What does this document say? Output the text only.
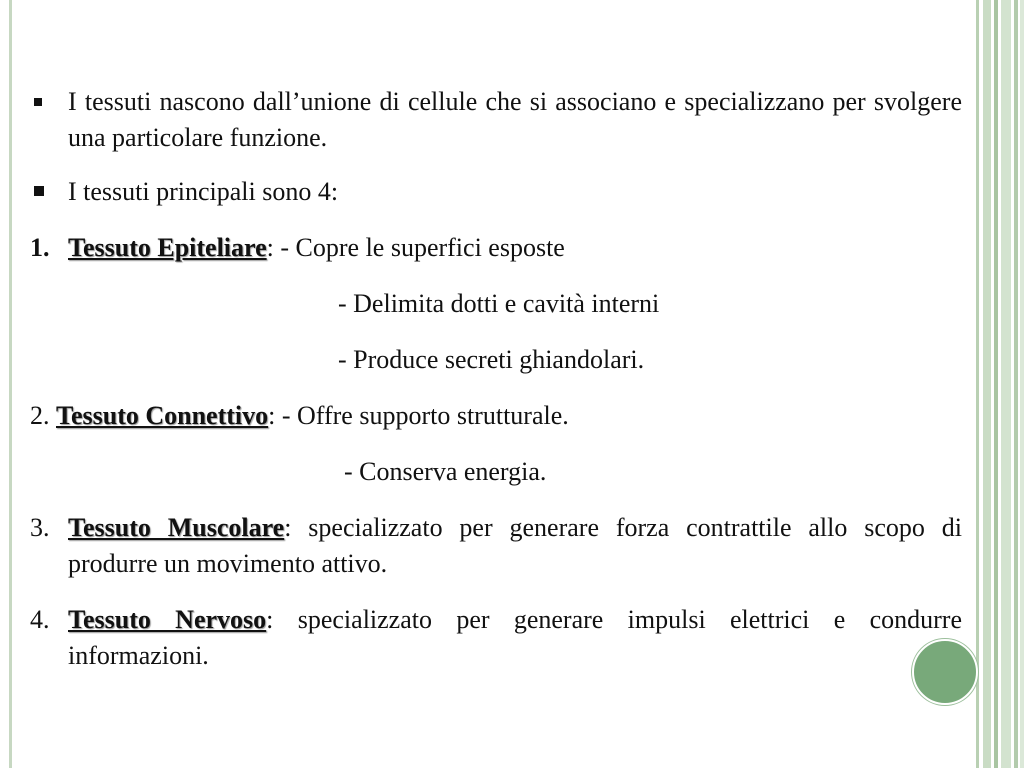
I tessuti nascono dall’unione di cellule che si associano e specializzano per svolgere una particolare funzione.
I tessuti principali sono 4:
1. Tessuto Epiteliare: - Copre le superfici esposte
- Delimita dotti e cavità interni
- Produce secreti ghiandolari.
2. Tessuto Connettivo: - Offre supporto strutturale.
- Conserva energia.
3. Tessuto Muscolare: specializzato per generare forza contrattile allo scopo di produrre un movimento attivo.
4. Tessuto Nervoso: specializzato per generare impulsi elettrici e condurre informazioni.
